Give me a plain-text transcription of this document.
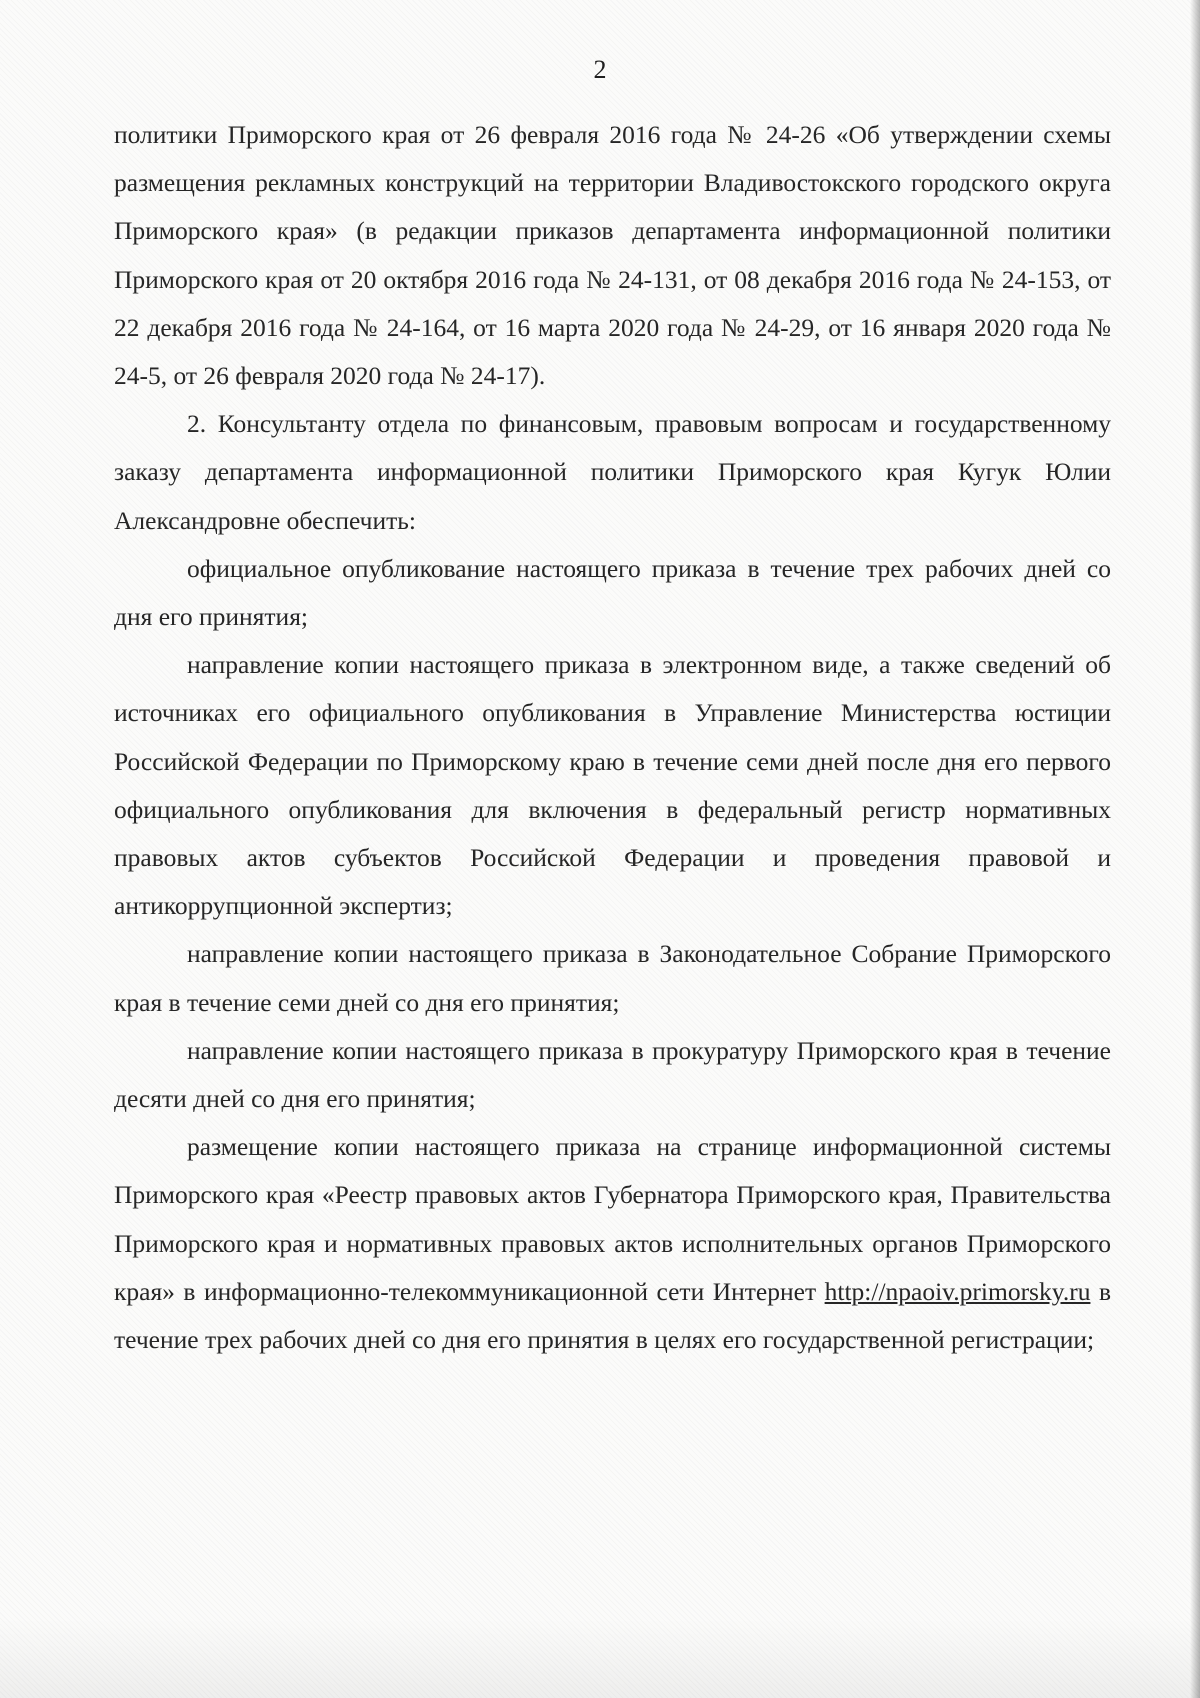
2

политики Приморского края от 26 февраля 2016 года № 24-26 «Об утверждении схемы размещения рекламных конструкций на территории Владивостокского городского округа Приморского края» (в редакции приказов департамента информационной политики Приморского края от 20 октября 2016 года № 24-131, от 08 декабря 2016 года № 24-153, от 22 декабря 2016 года № 24-164, от 16 марта 2020 года № 24-29, от 16 января 2020 года № 24-5, от 26 февраля 2020 года № 24-17).

2. Консультанту отдела по финансовым, правовым вопросам и государственному заказу департамента информационной политики Приморского края Кугук Юлии Александровне обеспечить:

официальное опубликование настоящего приказа в течение трех рабочих дней со дня его принятия;

направление копии настоящего приказа в электронном виде, а также сведений об источниках его официального опубликования в Управление Министерства юстиции Российской Федерации по Приморскому краю в течение семи дней после дня его первого официального опубликования для включения в федеральный регистр нормативных правовых актов субъектов Российской Федерации и проведения правовой и антикоррупционной экспертиз;

направление копии настоящего приказа в Законодательное Собрание Приморского края в течение семи дней со дня его принятия;

направление копии настоящего приказа в прокуратуру Приморского края в течение десяти дней со дня его принятия;

размещение копии настоящего приказа на странице информационной системы Приморского края «Реестр правовых актов Губернатора Приморского края, Правительства Приморского края и нормативных правовых актов исполнительных органов Приморского края» в информационно-телекоммуникационной сети Интернет http://npaoiv.primorsky.ru в течение трех рабочих дней со дня его принятия в целях его государственной регистрации;
